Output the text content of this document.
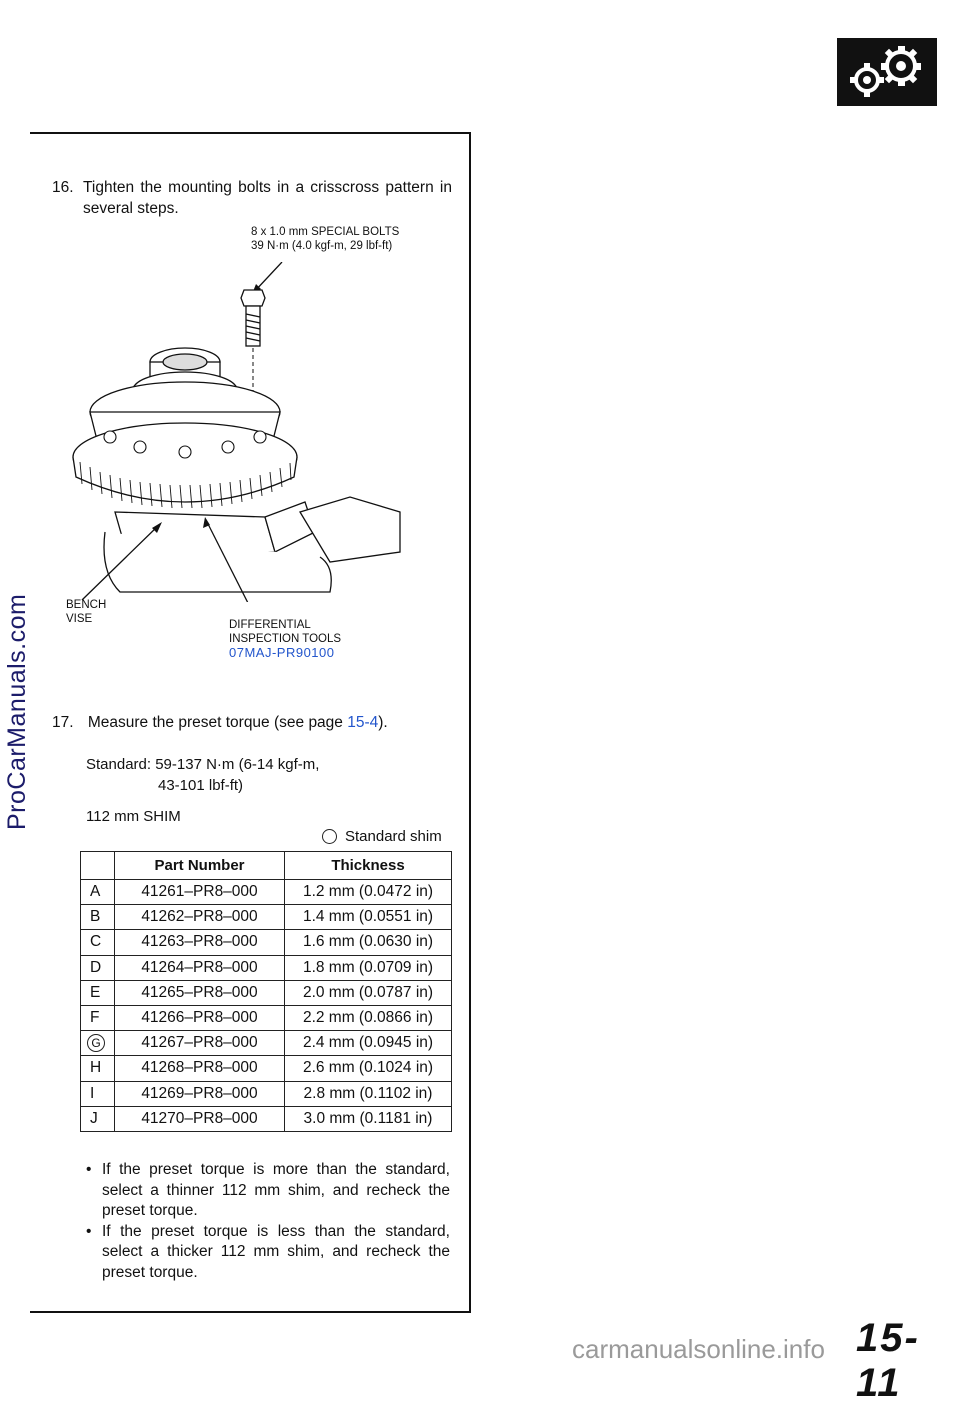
16. Tighten the mounting bolts in a crisscross pattern in several steps.
8 x 1.0 mm SPECIAL BOLTS
39 N·m (4.0 kgf-m, 29 lbf-ft)
BENCH
VISE	DIFFERENTIAL
INSPECTION TOOLS
07MAJ-PR90100
17. Measure the preset torque (see page 15-4).
Standard: 59-137 N·m (6-14 kgf-m,
43-101 lbf-ft)
112 mm SHIM
Standard shim
	Part Number	Thickness
A	41261–PR8–000	1.2 mm (0.0472 in)
B	41262–PR8–000	1.4 mm (0.0551 in)
C	41263–PR8–000	1.6 mm (0.0630 in)
D	41264–PR8–000	1.8 mm (0.0709 in)
E	41265–PR8–000	2.0 mm (0.0787 in)
F	41266–PR8–000	2.2 mm (0.0866 in)
G	41267–PR8–000	2.4 mm (0.0945 in)
H	41268–PR8–000	2.6 mm (0.1024 in)
I	41269–PR8–000	2.8 mm (0.1102 in)
J	41270–PR8–000	3.0 mm (0.1181 in)
• If the preset torque is more than the standard, select a thinner 112 mm shim, and recheck the preset torque.
• If the preset torque is less than the standard, select a thicker 112 mm shim, and recheck the preset torque.
ProCarManuals.com
carmanualsonline.info 15-11
